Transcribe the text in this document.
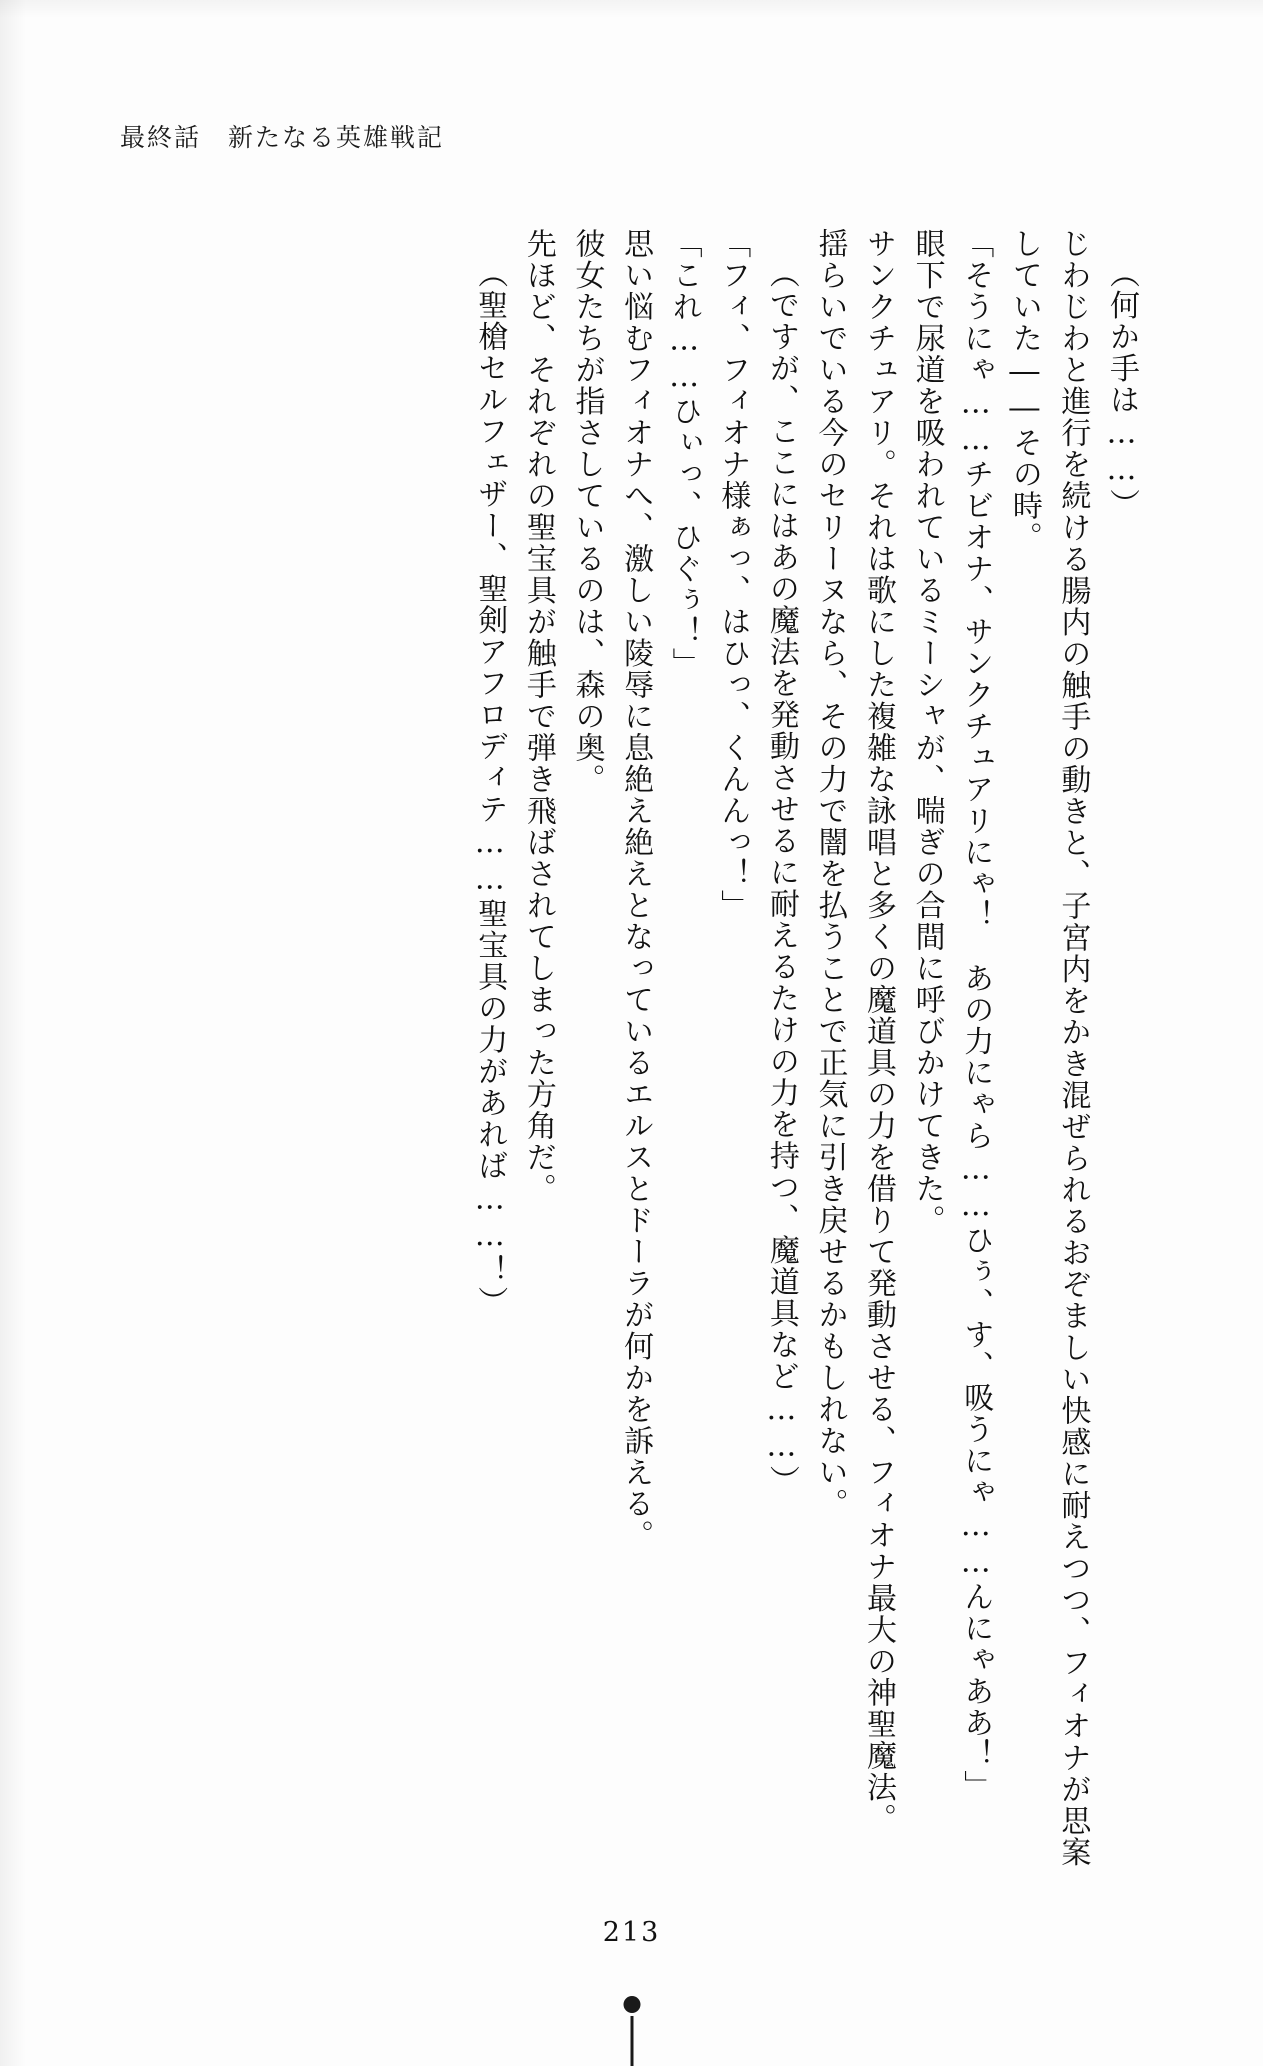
最終話　新たなる英雄戦記

（何か手は……）

じわじわと進行を続ける腸内の触手の動きと、子宮内をかき混ぜられるおぞましい快感に耐えつつ、フィオナが思案していた――その時。

「そうにゃ……チビオナ、サンクチュアリにゃ！　あの力にゃら……ひぅ、す、吸うにゃ……んにゃああ！」

眼下で尿道を吸われているミーシャが、喘ぎの合間に呼びかけてきた。

サンクチュアリ。それは歌にした複雑な詠唱と多くの魔道具の力を借りて発動させる、フィオナ最大の神聖魔法。

揺らいでいる今のセリーヌなら、その力で闇を払うことで正気に引き戻せるかもしれない。

（ですが、ここにはあの魔法を発動させるに耐えるたけの力を持つ、魔道具など……）

「フィ、フィオナ様ぁっ、はひっ、くんんっ！」

「これ……ひぃっ、ひぐぅ！」

思い悩むフィオナへ、激しい陵辱に息絶え絶えとなっているエルスとドーラが何かを訴える。

彼女たちが指さしているのは、森の奥。

先ほど、それぞれの聖宝具が触手で弾き飛ばされてしまった方角だ。

（聖槍セルフェザー、聖剣アフロディテ……聖宝具の力があれば……！）

213
